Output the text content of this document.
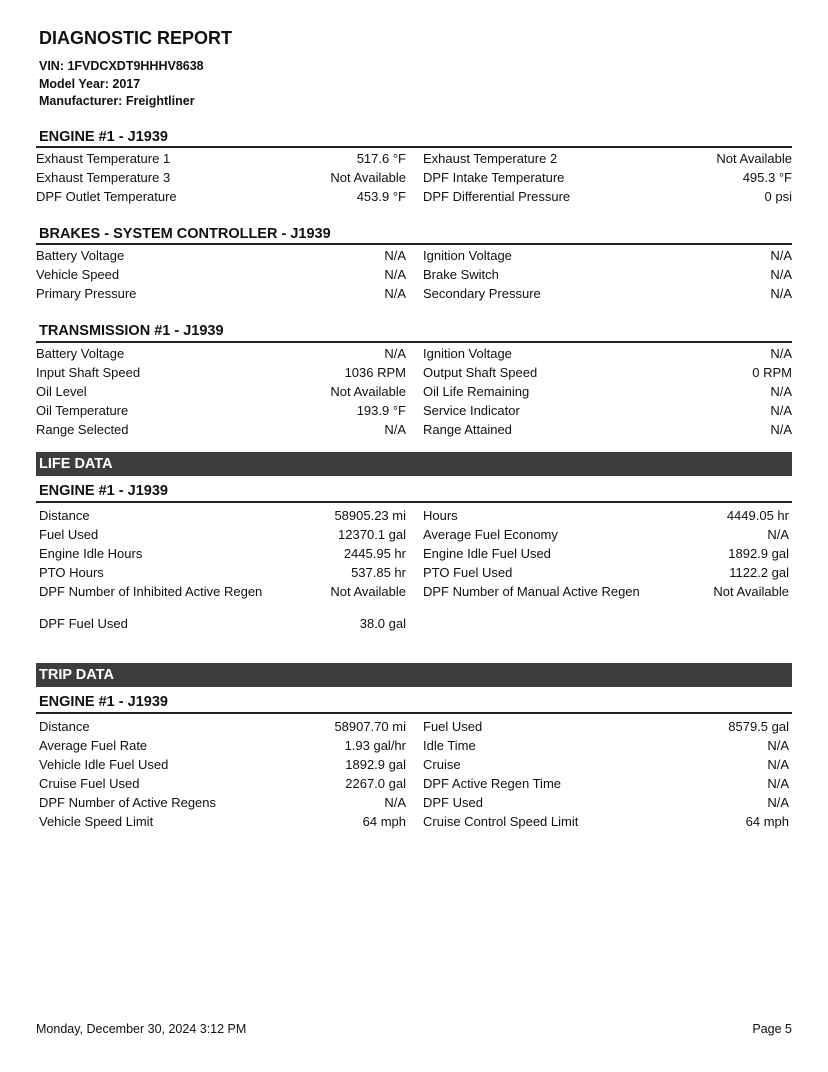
DIAGNOSTIC REPORT
VIN: 1FVDCXDT9HHHV8638
Model Year: 2017
Manufacturer: Freightliner
ENGINE #1 - J1939
Exhaust Temperature 1	517.6 °F Exhaust Temperature 2	Not Available
Exhaust Temperature 3	Not Available DPF Intake Temperature	495.3 °F
DPF Outlet Temperature	453.9 °F DPF Differential Pressure	0 psi
BRAKES - SYSTEM CONTROLLER - J1939
Battery Voltage	N/A Ignition Voltage	N/A
Vehicle Speed	N/A Brake Switch	N/A
Primary Pressure	N/A Secondary Pressure	N/A
TRANSMISSION #1 - J1939
Battery Voltage	N/A Ignition Voltage	N/A
Input Shaft Speed	1036 RPM Output Shaft Speed	0 RPM
Oil Level	Not Available Oil Life Remaining	N/A
Oil Temperature	193.9 °F Service Indicator	N/A
Range Selected	N/A Range Attained	N/A
LIFE DATA
ENGINE #1 - J1939
Distance	58905.23 mi Hours	4449.05 hr
Fuel Used	12370.1 gal Average Fuel Economy	N/A
Engine Idle Hours	2445.95 hr Engine Idle Fuel Used	1892.9 gal
PTO Hours	537.85 hr PTO Fuel Used	1122.2 gal
DPF Number of Inhibited Active Regen	Not Available DPF Number of Manual Active Regen	Not Available
DPF Fuel Used	38.0 gal
TRIP DATA
ENGINE #1 - J1939
Distance	58907.70 mi Fuel Used	8579.5 gal
Average Fuel Rate	1.93 gal/hr Idle Time	N/A
Vehicle Idle Fuel Used	1892.9 gal Cruise	N/A
Cruise Fuel Used	2267.0 gal DPF Active Regen Time	N/A
DPF Number of Active Regens	N/A DPF Used	N/A
Vehicle Speed Limit	64 mph Cruise Control Speed Limit	64 mph
Monday, December 30, 2024 3:12 PM	Page 5
